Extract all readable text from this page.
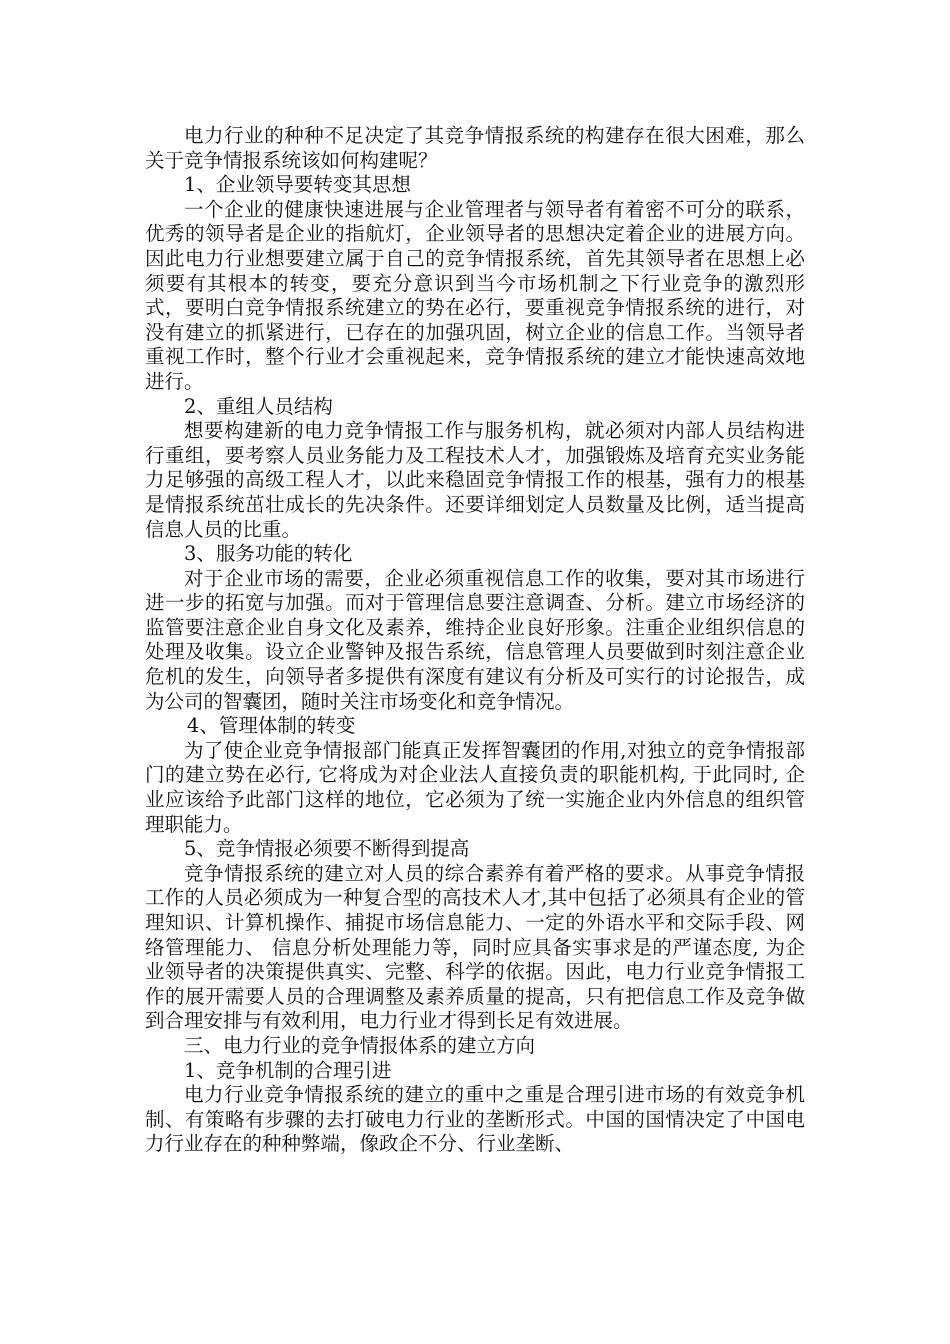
电力行业的种种不足决定了其竞争情报系统的构建存在很大困难，那么关于竞争情报系统该如何构建呢？

1、企业领导要转变其思想

一个企业的健康快速进展与企业管理者与领导者有着密不可分的联系，优秀的领导者是企业的指航灯，企业领导者的思想决定着企业的进展方向。因此电力行业想要建立属于自己的竞争情报系统，首先其领导者在思想上必须要有其根本的转变，要充分意识到当今市场机制之下行业竞争的激烈形式，要明白竞争情报系统建立的势在必行，要重视竞争情报系统的进行，对没有建立的抓紧进行，已存在的加强巩固，树立企业的信息工作。当领导者重视工作时，整个行业才会重视起来，竞争情报系统的建立才能快速高效地进行。

2、重组人员结构

想要构建新的电力竞争情报工作与服务机构，就必须对内部人员结构进行重组，要考察人员业务能力及工程技术人才，加强锻炼及培育充实业务能力足够强的高级工程人才，以此来稳固竞争情报工作的根基，强有力的根基是情报系统茁壮成长的先决条件。还要详细划定人员数量及比例，适当提高信息人员的比重。

3、服务功能的转化

对于企业市场的需要，企业必须重视信息工作的收集，要对其市场进行进一步的拓宽与加强。而对于管理信息要注意调查、分析。建立市场经济的监管要注意企业自身文化及素养，维持企业良好形象。注重企业组织信息的处理及收集。设立企业警钟及报告系统，信息管理人员要做到时刻注意企业危机的发生，向领导者多提供有深度有建议有分析及可实行的讨论报告，成为公司的智囊团，随时关注市场变化和竞争情况。

4、管理体制的转变

为了使企业竞争情报部门能真正发挥智囊团的作用,对独立的竞争情报部门的建立势在必行, 它将成为对企业法人直接负责的职能机构, 于此同时, 企业应该给予此部门这样的地位，它必须为了统一实施企业内外信息的组织管理职能力。

5、竞争情报必须要不断得到提高

竞争情报系统的建立对人员的综合素养有着严格的要求。从事竞争情报工作的人员必须成为一种复合型的高技术人才,其中包括了必须具有企业的管理知识、计算机操作、捕捉市场信息能力、一定的外语水平和交际手段、网络管理能力、 信息分析处理能力等，同时应具备实事求是的严谨态度, 为企业领导者的决策提供真实、完整、科学的依据。因此，电力行业竞争情报工作的展开需要人员的合理调整及素养质量的提高，只有把信息工作及竞争做到合理安排与有效利用，电力行业才得到长足有效进展。

三、电力行业的竞争情报体系的建立方向

1、竞争机制的合理引进

电力行业竞争情报系统的建立的重中之重是合理引进市场的有效竞争机制、有策略有步骤的去打破电力行业的垄断形式。中国的国情决定了中国电力行业存在的种种弊端，像政企不分、行业垄断、
